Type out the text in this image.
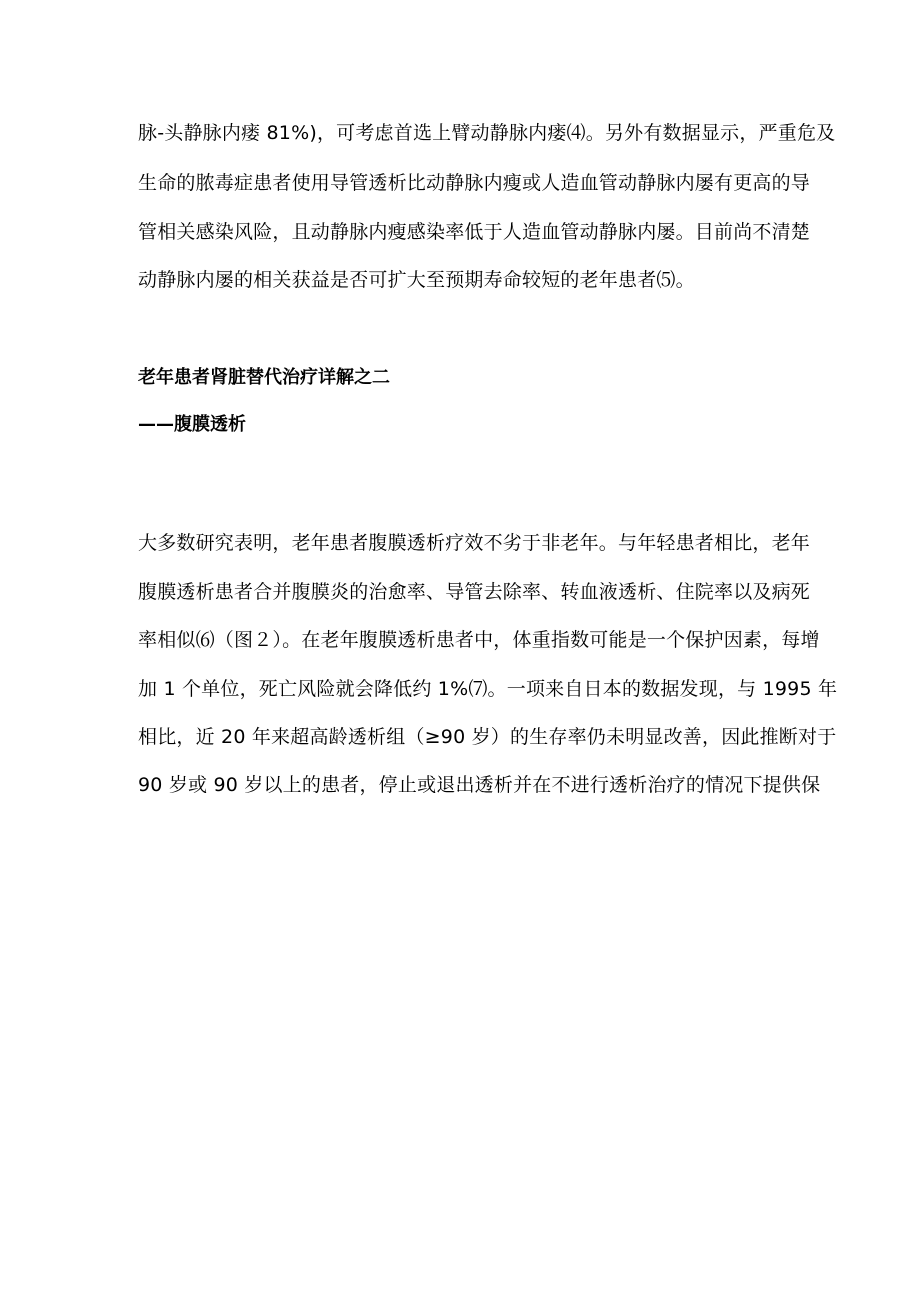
脉-头静脉内瘘 81%)，可考虑首选上臂动静脉内瘘⑷。另外有数据显示，严重危及
生命的脓毒症患者使用导管透析比动静脉内瘦或人造血管动静脉内屡有更高的导
管相关感染风险，且动静脉内瘦感染率低于人造血管动静脉内屡。目前尚不清楚
动静脉内屡的相关获益是否可扩大至预期寿命较短的老年患者⑸。
老年患者肾脏替代治疗详解之二
——腹膜透析
大多数研究表明，老年患者腹膜透析疗效不劣于非老年。与年轻患者相比，老年
腹膜透析患者合并腹膜炎的治愈率、导管去除率、转血液透析、住院率以及病死
率相似⑹（图２）。在老年腹膜透析患者中，体重指数可能是一个保护因素，每增
加 1 个单位，死亡风险就会降低约 1%⑺。一项来自日本的数据发现，与 1995 年
相比，近 20 年来超高龄透析组（≥90 岁）的生存率仍未明显改善，因此推断对于
90 岁或 90 岁以上的患者，停止或退出透析并在不进行透析治疗的情况下提供保
